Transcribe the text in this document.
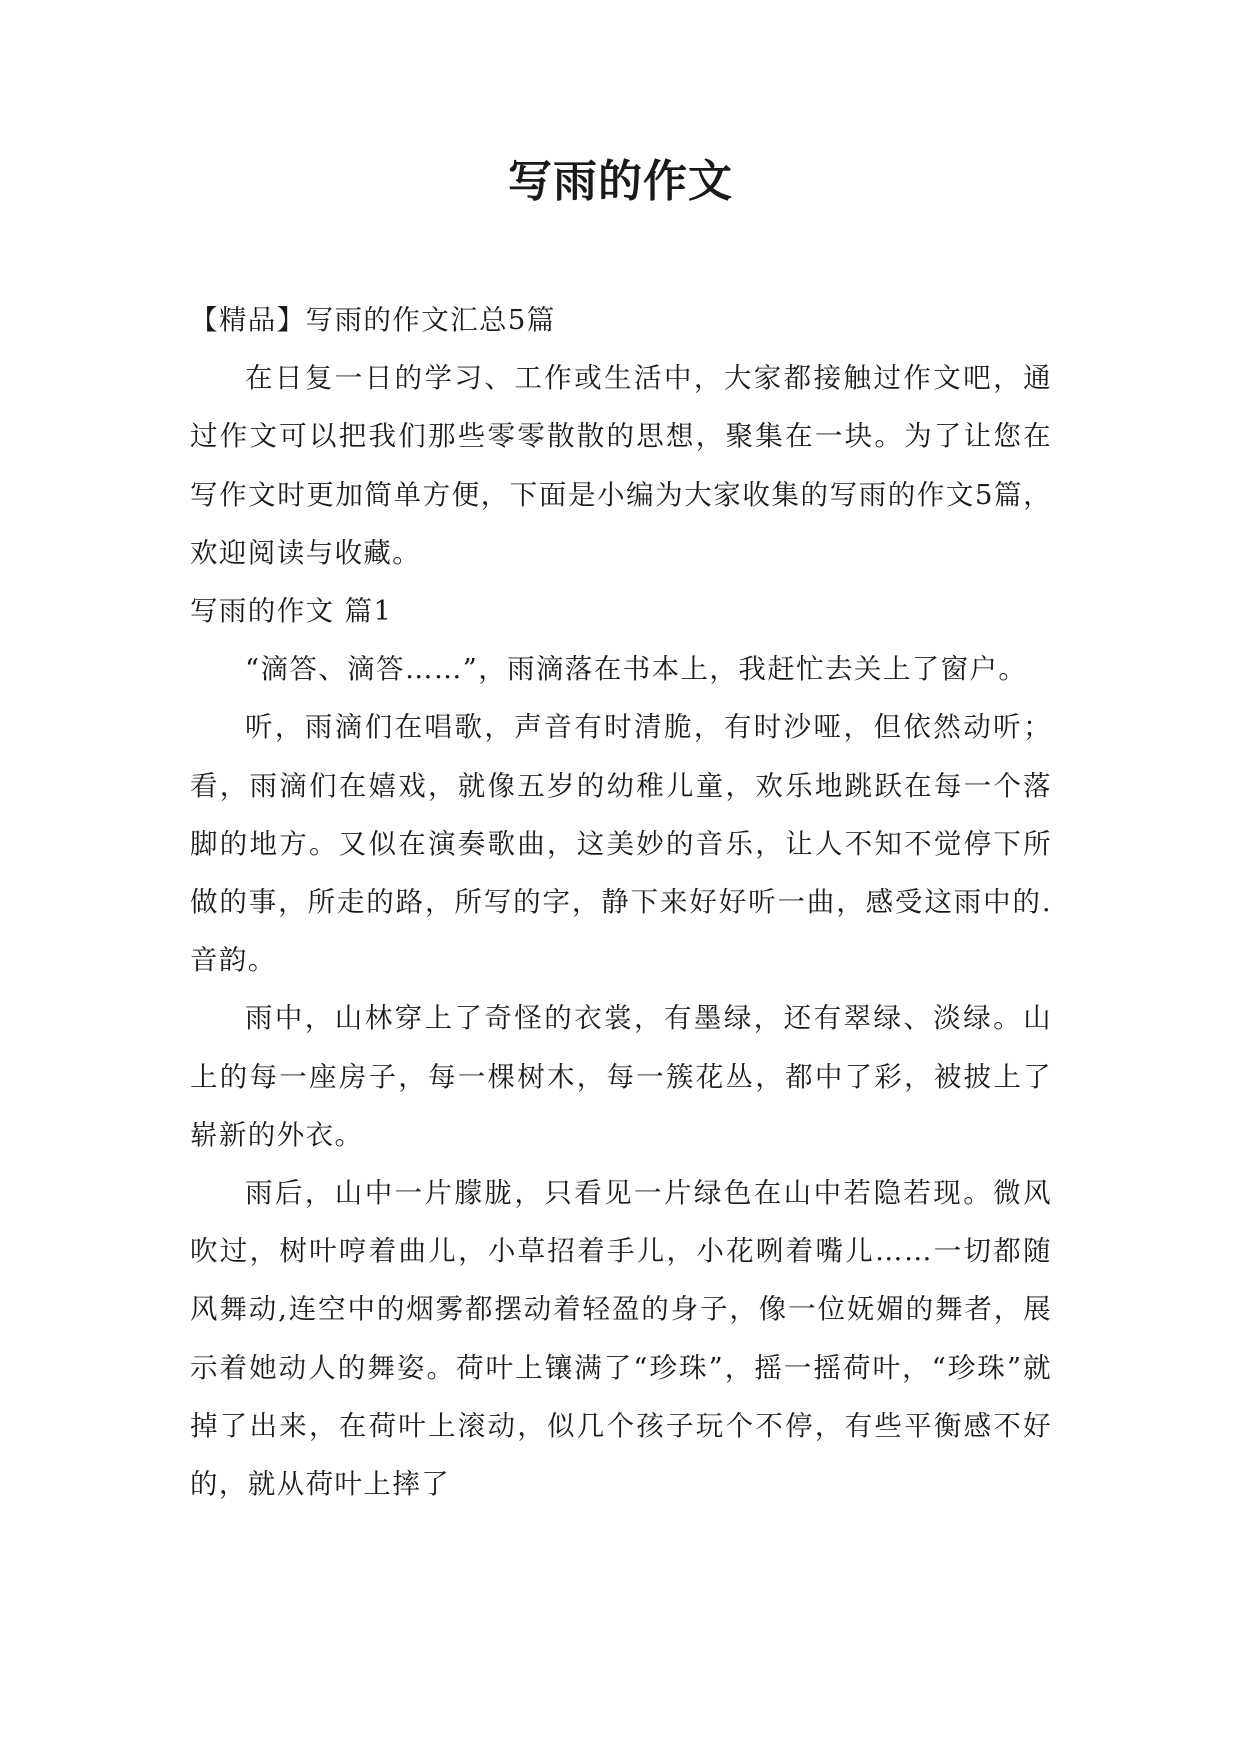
写雨的作文

【精品】写雨的作文汇总5篇

在日复一日的学习、工作或生活中，大家都接触过作文吧，通过作文可以把我们那些零零散散的思想，聚集在一块。为了让您在写作文时更加简单方便，下面是小编为大家收集的写雨的作文5篇，欢迎阅读与收藏。

写雨的作文 篇1

“滴答、滴答……”，雨滴落在书本上，我赶忙去关上了窗户。

听，雨滴们在唱歌，声音有时清脆，有时沙哑，但依然动听；看，雨滴们在嬉戏，就像五岁的幼稚儿童，欢乐地跳跃在每一个落脚的地方。又似在演奏歌曲，这美妙的音乐，让人不知不觉停下所做的事，所走的路，所写的字，静下来好好听一曲，感受这雨中的.音韵。

雨中，山林穿上了奇怪的衣裳，有墨绿，还有翠绿、淡绿。山上的每一座房子，每一棵树木，每一簇花丛，都中了彩，被披上了崭新的外衣。

雨后，山中一片朦胧，只看见一片绿色在山中若隐若现。微风吹过，树叶哼着曲儿，小草招着手儿，小花咧着嘴儿……一切都随风舞动,连空中的烟雾都摆动着轻盈的身子，像一位妩媚的舞者，展示着她动人的舞姿。荷叶上镶满了“珍珠”，摇一摇荷叶，“珍珠”就掉了出来，在荷叶上滚动，似几个孩子玩个不停，有些平衡感不好的，就从荷叶上摔了
